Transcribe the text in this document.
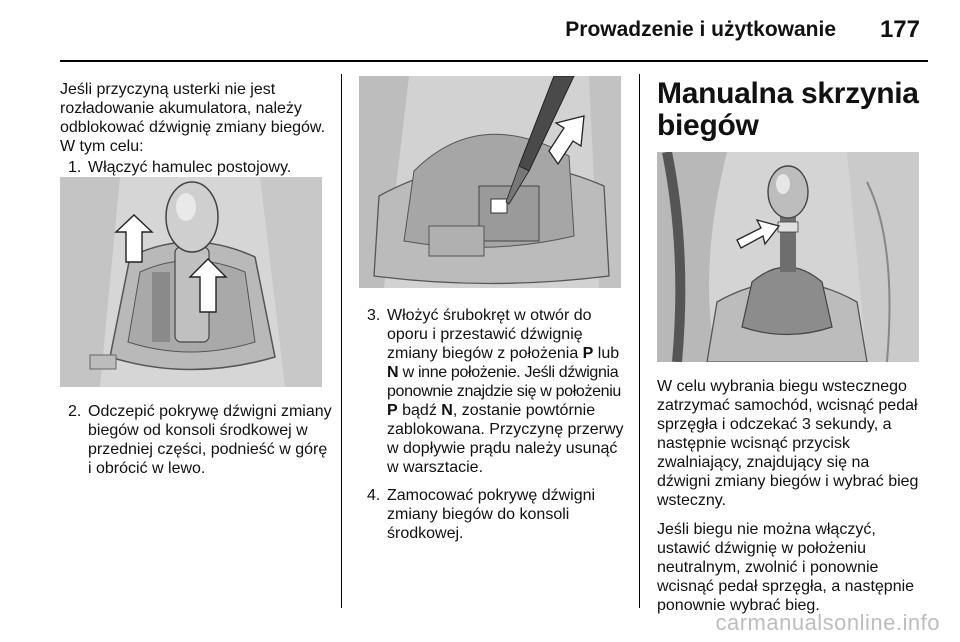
Prowadzenie i użytkowanie 177

Jeśli przyczyną usterki nie jest rozładowanie akumulatora, należy odblokować dźwignię zmiany biegów. W tym celu:

1. Włączyć hamulec postojowy.
2. Odczepić pokrywę dźwigni zmiany biegów od konsoli środkowej w przedniej części, podnieść w górę i obrócić w lewo.
3. Włożyć śrubokręt w otwór do oporu i przestawić dźwignię zmiany biegów z położenia P lub N w inne położenie. Jeśli dźwignia ponownie znajdzie się w położeniu P bądź N, zostanie powtórnie zablokowana. Przyczynę przerwy w dopływie prądu należy usunąć w warsztacie.
4. Zamocować pokrywę dźwigni zmiany biegów do konsoli środkowej.
Manualna skrzynia
biegów

W celu wybrania biegu wstecznego zatrzymać samochód, wcisnąć pedał sprzęgła i odczekać 3 sekundy, a następnie wcisnąć przycisk zwalniający, znajdujący się na dźwigni zmiany biegów i wybrać bieg wsteczny.

Jeśli biegu nie można włączyć, ustawić dźwignię w położeniu neutralnym, zwolnić i ponownie wcisnąć pedał sprzęgła, a następnie ponownie wybrać bieg.

carmanualsonline.info
